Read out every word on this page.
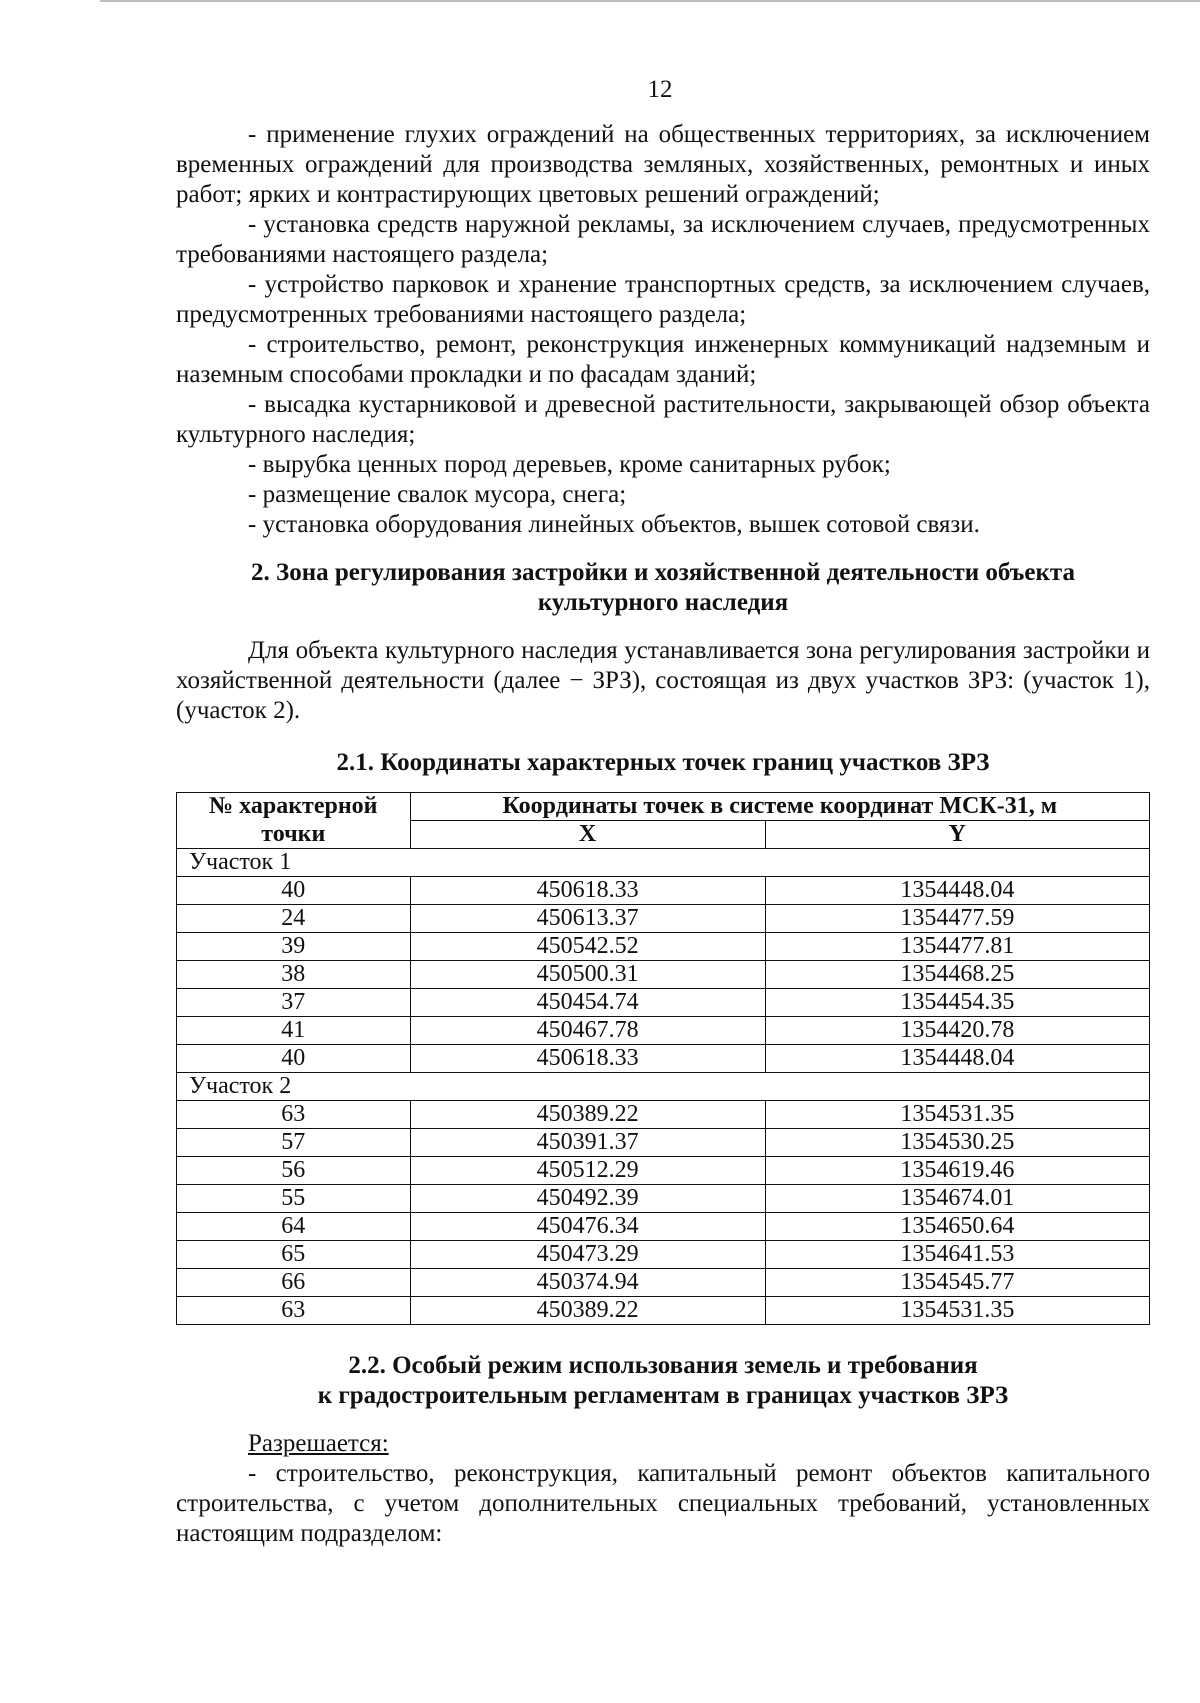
12

- применение глухих ограждений на общественных территориях, за исключением временных ограждений для производства земляных, хозяйственных, ремонтных и иных работ; ярких и контрастирующих цветовых решений ограждений;

- установка средств наружной рекламы, за исключением случаев, предусмотренных требованиями настоящего раздела;

- устройство парковок и хранение транспортных средств, за исключением случаев, предусмотренных требованиями настоящего раздела;

- строительство, ремонт, реконструкция инженерных коммуникаций надземным и наземным способами прокладки и по фасадам зданий;

- высадка кустарниковой и древесной растительности, закрывающей обзор объекта культурного наследия;

- вырубка ценных пород деревьев, кроме санитарных рубок;

- размещение свалок мусора, снега;

- установка оборудования линейных объектов, вышек сотовой связи.

2. Зона регулирования застройки и хозяйственной деятельности объекта
культурного наследия

Для объекта культурного наследия устанавливается зона регулирования застройки и хозяйственной деятельности (далее − ЗРЗ), состоящая из двух участков ЗРЗ: (участок 1), (участок 2).

2.1. Координаты характерных точек границ участков ЗРЗ

№ характерной	Координаты точек в системе координат МСК-31, м	
точки	X	Y
Участок 1		
40	450618.33	1354448.04
24	450613.37	1354477.59
39	450542.52	1354477.81
38	450500.31	1354468.25
37	450454.74	1354454.35
41	450467.78	1354420.78
40	450618.33	1354448.04
Участок 2		
63	450389.22	1354531.35
57	450391.37	1354530.25
56	450512.29	1354619.46
55	450492.39	1354674.01
64	450476.34	1354650.64
65	450473.29	1354641.53
66	450374.94	1354545.77
63	450389.22	1354531.35

2.2. Особый режим использования земель и требования
к градостроительным регламентам в границах участков ЗРЗ

Разрешается:

- строительство, реконструкция, капитальный ремонт объектов капитального строительства, с учетом дополнительных специальных требований, установленных настоящим подразделом:
